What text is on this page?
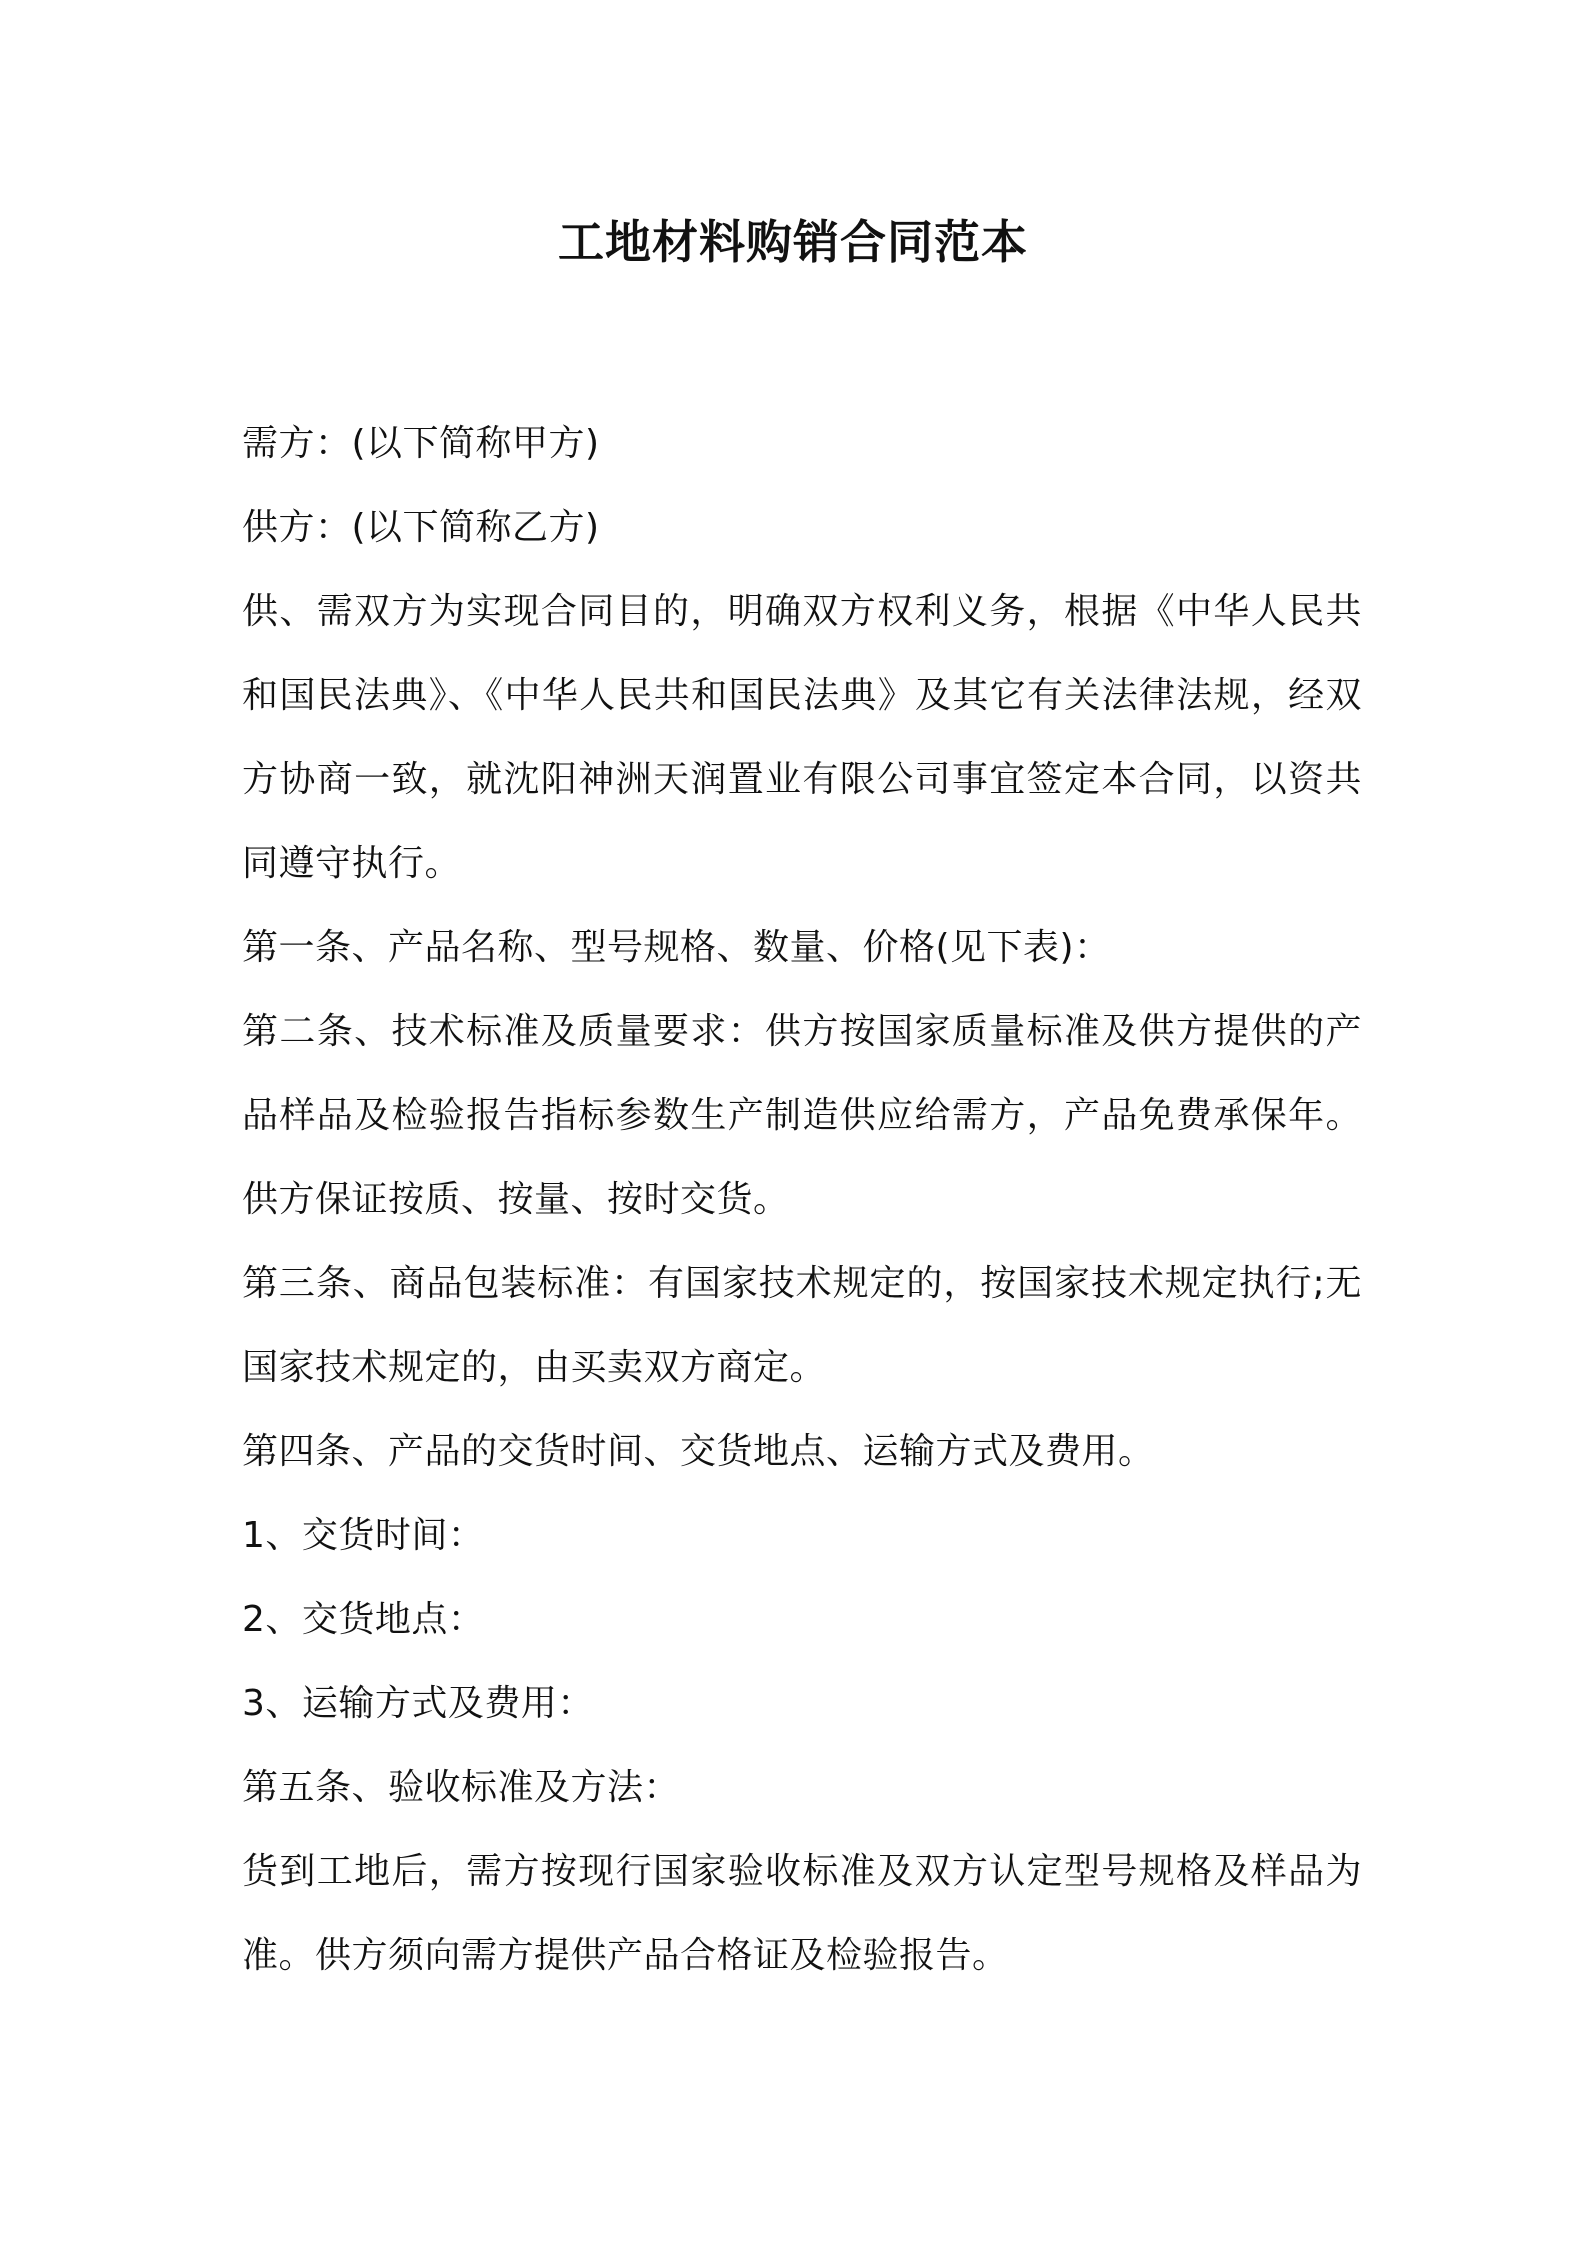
工地材料购销合同范本

需方：(以下简称甲方)

供方：(以下简称乙方)

供、需双方为实现合同目的，明确双方权利义务，根据《中华人民共和国民法典》、《中华人民共和国民法典》及其它有关法律法规，经双方协商一致，就沈阳神洲天润置业有限公司事宜签定本合同，以资共同遵守执行。

第一条、产品名称、型号规格、数量、价格(见下表)：

第二条、技术标准及质量要求：供方按国家质量标准及供方提供的产品样品及检验报告指标参数生产制造供应给需方，产品免费承保年。供方保证按质、按量、按时交货。

第三条、商品包装标准：有国家技术规定的，按国家技术规定执行;无国家技术规定的，由买卖双方商定。

第四条、产品的交货时间、交货地点、运输方式及费用。

1、交货时间：

2、交货地点：

3、运输方式及费用：

第五条、验收标准及方法：

货到工地后，需方按现行国家验收标准及双方认定型号规格及样品为准。供方须向需方提供产品合格证及检验报告。
